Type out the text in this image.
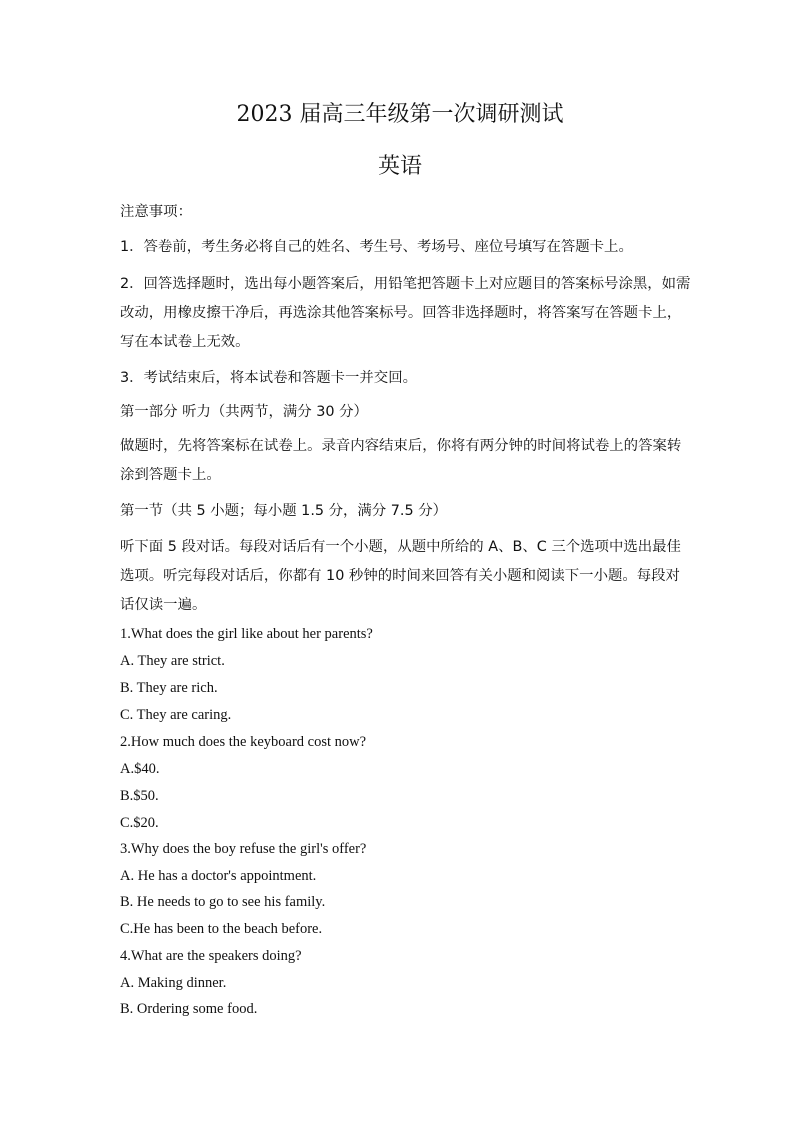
2023 届高三年级第一次调研测试
英语

注意事项：

1．答卷前，考生务必将自己的姓名、考生号、考场号、座位号填写在答题卡上。

2．回答选择题时，选出每小题答案后，用铅笔把答题卡上对应题目的答案标号涂黑，如需改动，用橡皮擦干净后，再选涂其他答案标号。回答非选择题时，将答案写在答题卡上，写在本试卷上无效。

3．考试结束后，将本试卷和答题卡一并交回。

第一部分 听力（共两节，满分 30 分）

做题时，先将答案标在试卷上。录音内容结束后，你将有两分钟的时间将试卷上的答案转涂到答题卡上。

第一节（共 5 小题；每小题 1.5 分，满分 7.5 分）

听下面 5 段对话。每段对话后有一个小题，从题中所给的 A、B、C 三个选项中选出最佳选项。听完每段对话后，你都有 10 秒钟的时间来回答有关小题和阅读下一小题。每段对话仅读一遍。

1.What does the girl like about her parents?

A. They are strict.

B. They are rich.

C. They are caring.

2.How much does the keyboard cost now?

A.$40.

B.$50.

C.$20.

3.Why does the boy refuse the girl's offer?

A. He has a doctor's appointment.

B. He needs to go to see his family.

C.He has been to the beach before.

4.What are the speakers doing?

A. Making dinner.

B. Ordering some food.
